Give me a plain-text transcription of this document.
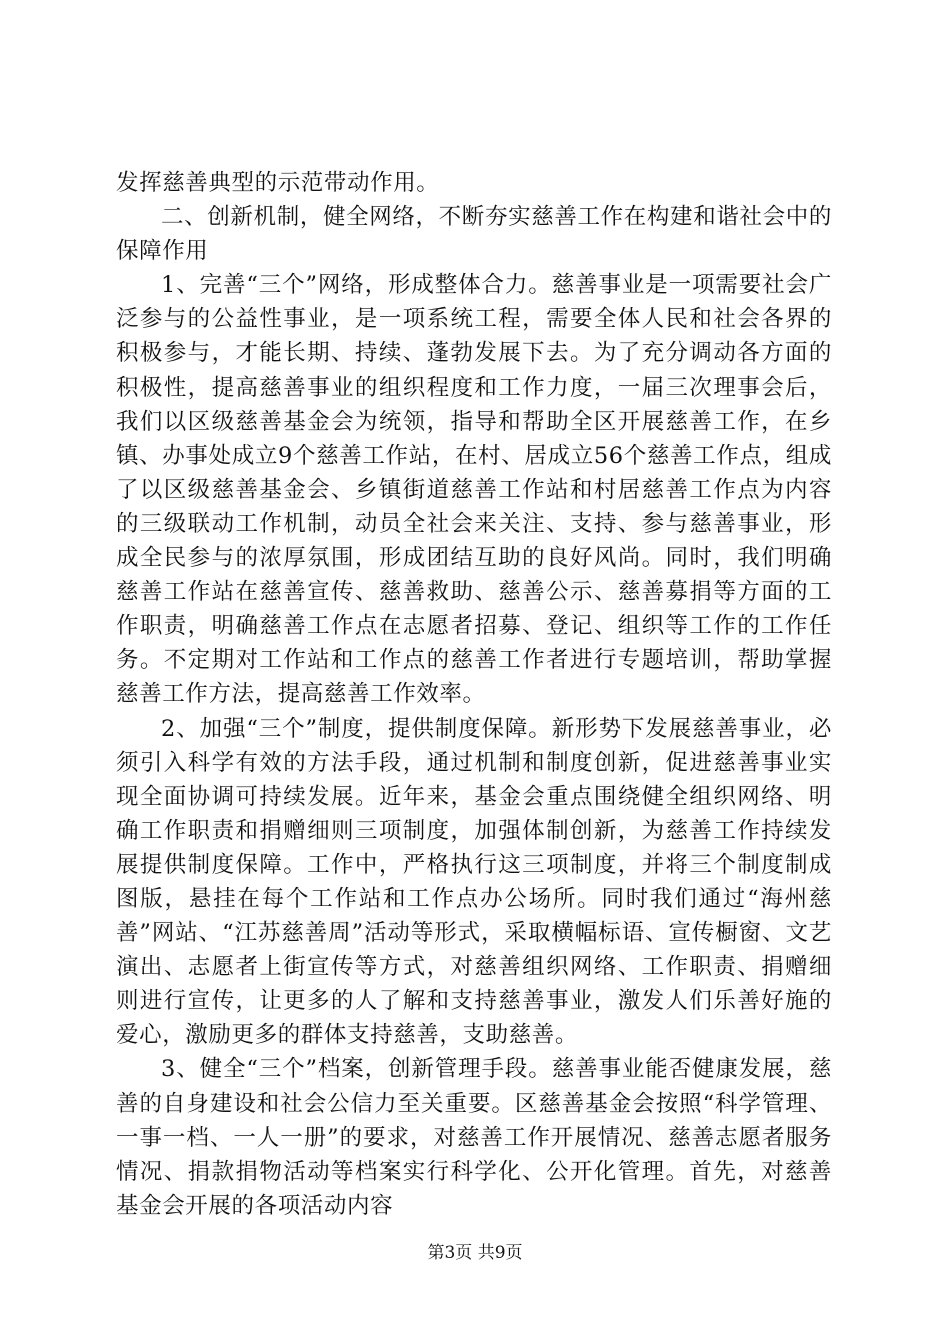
发挥慈善典型的示范带动作用。

二、创新机制，健全网络，不断夯实慈善工作在构建和谐社会中的保障作用

1、完善“三个”网络，形成整体合力。慈善事业是一项需要社会广泛参与的公益性事业，是一项系统工程，需要全体人民和社会各界的积极参与，才能长期、持续、蓬勃发展下去。为了充分调动各方面的积极性，提高慈善事业的组织程度和工作力度，一届三次理事会后，我们以区级慈善基金会为统领，指导和帮助全区开展慈善工作，在乡镇、办事处成立9个慈善工作站，在村、居成立56个慈善工作点，组成了以区级慈善基金会、乡镇街道慈善工作站和村居慈善工作点为内容的三级联动工作机制，动员全社会来关注、支持、参与慈善事业，形成全民参与的浓厚氛围，形成团结互助的良好风尚。同时，我们明确慈善工作站在慈善宣传、慈善救助、慈善公示、慈善募捐等方面的工作职责，明确慈善工作点在志愿者招募、登记、组织等工作的工作任务。不定期对工作站和工作点的慈善工作者进行专题培训，帮助掌握慈善工作方法，提高慈善工作效率。

2、加强“三个”制度，提供制度保障。新形势下发展慈善事业，必须引入科学有效的方法手段，通过机制和制度创新，促进慈善事业实现全面协调可持续发展。近年来，基金会重点围绕健全组织网络、明确工作职责和捐赠细则三项制度，加强体制创新，为慈善工作持续发展提供制度保障。工作中，严格执行这三项制度，并将三个制度制成图版，悬挂在每个工作站和工作点办公场所。同时我们通过“海州慈善”网站、“江苏慈善周”活动等形式，采取横幅标语、宣传橱窗、文艺演出、志愿者上街宣传等方式，对慈善组织网络、工作职责、捐赠细则进行宣传，让更多的人了解和支持慈善事业，激发人们乐善好施的爱心，激励更多的群体支持慈善，支助慈善。

3、健全“三个”档案，创新管理手段。慈善事业能否健康发展，慈善的自身建设和社会公信力至关重要。区慈善基金会按照“科学管理、一事一档、一人一册”的要求，对慈善工作开展情况、慈善志愿者服务情况、捐款捐物活动等档案实行科学化、公开化管理。首先，对慈善基金会开展的各项活动内容

第3页 共9页
